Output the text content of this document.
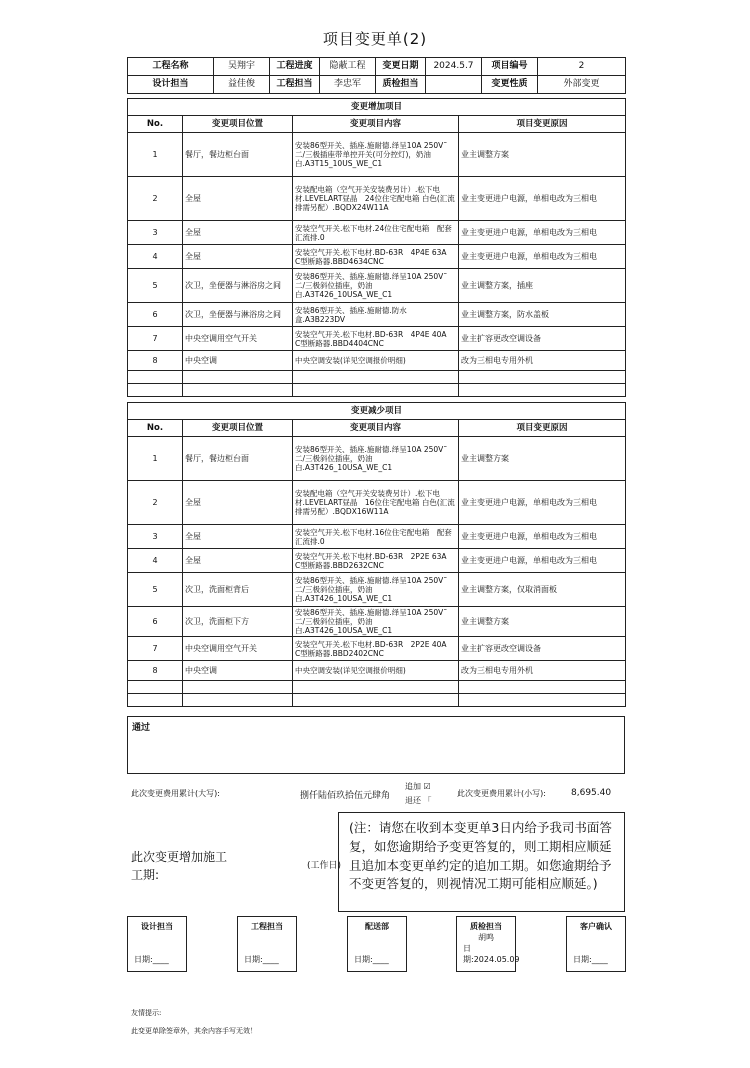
项目变更单(2)
工程名称	吴翔宇	工程进度	隐蔽工程	变更日期	2024.5.7	项目编号	2
设计担当	益佳俊	工程担当	李忠军	质检担当		变更性质	外部变更
变更增加项目			
No.	变更项目位置	变更项目内容	项目变更原因
1	餐厅，餐边柜台面	安装86型开关、插座.施耐德.绎呈10A 250V˜二/三极插座带单控开关(可分控灯)，奶油白.A3T15_10US_WE_C1	业主调整方案
2	全屋	安装配电箱（空气开关安装费另计）.松下电材.LEVELART昼晶　24位住宅配电箱 白色(汇流排需另配）.BQDX24W11A	业主变更进户电源，单相电改为三相电
3	全屋	安装空气开关.松下电材.24位住宅配电箱　配套汇流排.0	业主变更进户电源，单相电改为三相电
4	全屋	安装空气开关.松下电材.BD-63R　4P4E 63A　C型断路器.BBD4634CNC	业主变更进户电源，单相电改为三相电
5	次卫，坐便器与淋浴房之间	安装86型开关、插座.施耐德.绎呈10A 250V˜二/三极斜位插座，奶油白.A3T426_10USA_WE_C1	业主调整方案，插座
6	次卫，坐便器与淋浴房之间	安装86型开关、插座.施耐德.防水盒.A3B223DV	业主调整方案，防水盖板
7	中央空调用空气开关	安装空气开关.松下电材.BD-63R　4P4E 40A　C型断路器.BBD4404CNC	业主扩容更改空调设备
8	中央空调	中央空调安装(详见空调报价明细)	改为三相电专用外机

变更减少项目			
No.	变更项目位置	变更项目内容	项目变更原因
1	餐厅，餐边柜台面	安装86型开关、插座.施耐德.绎呈10A 250V˜二/三极斜位插座，奶油白.A3T426_10USA_WE_C1	业主调整方案
2	全屋	安装配电箱（空气开关安装费另计）.松下电材.LEVELART昼晶　16位住宅配电箱 白色(汇流排需另配）.BQDX16W11A	业主变更进户电源，单相电改为三相电
3	全屋	安装空气开关.松下电材.16位住宅配电箱　配套汇流排.0	业主变更进户电源，单相电改为三相电
4	全屋	安装空气开关.松下电材.BD-63R　2P2E 63A　C型断路器.BBD2632CNC	业主变更进户电源，单相电改为三相电
5	次卫，洗面柜背后	安装86型开关、插座.施耐德.绎呈10A 250V˜二/三极斜位插座，奶油白.A3T426_10USA_WE_C1	业主调整方案，仅取消面板
6	次卫，洗面柜下方	安装86型开关、插座.施耐德.绎呈10A 250V˜二/三极斜位插座，奶油白.A3T426_10USA_WE_C1	业主调整方案
7	中央空调用空气开关	安装空气开关.松下电材.BD-63R　2P2E 40A　C型断路器.BBD2402CNC	业主扩容更改空调设备
8	中央空调	中央空调安装(详见空调报价明细)	改为三相电专用外机

通过
此次变更费用累计(大写):	捌仟陆佰玖拾伍元肆角
追加 ☑
退还 「
此次变更费用累计(小写):	8,695.40
此次变更增加施工
工期:
(工作日)
(注：请您在收到本变更单3日内给予我司书面答复，如您逾期给予变更答复的，则工期相应顺延且追加本变更单约定的追加工期。如您逾期给予不变更答复的，则视情况工期可能相应顺延。)
设计担当
日期:____
工程担当
日期:____
配送部
日期:____
质检担当
胡鸣
日期:2024.05.09
客户确认
日期:____
友情提示:
此变更单除签章外，其余内容手写无效！
